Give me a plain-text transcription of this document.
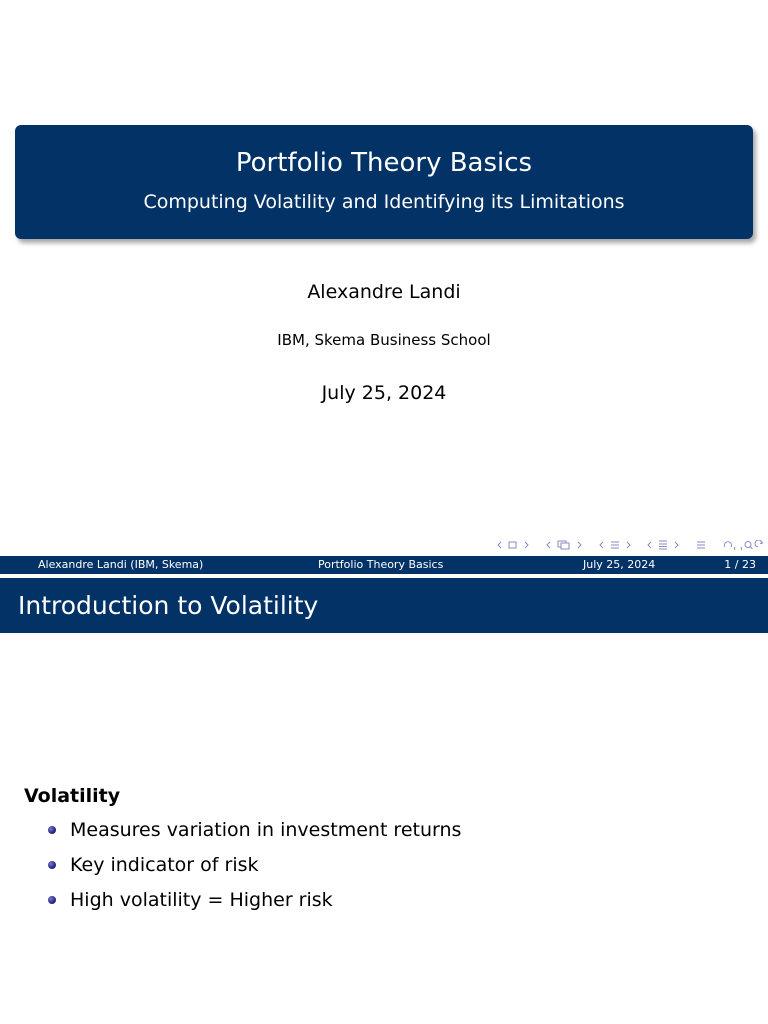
Portfolio Theory Basics
Computing Volatility and Identifying its Limitations
Alexandre Landi
IBM, Skema Business School
July 25, 2024
Alexandre Landi (IBM, Skema)	Portfolio Theory Basics	July 25, 2024	1 / 23
Introduction to Volatility
Volatility
Measures variation in investment returns
Key indicator of risk
High volatility = Higher risk
